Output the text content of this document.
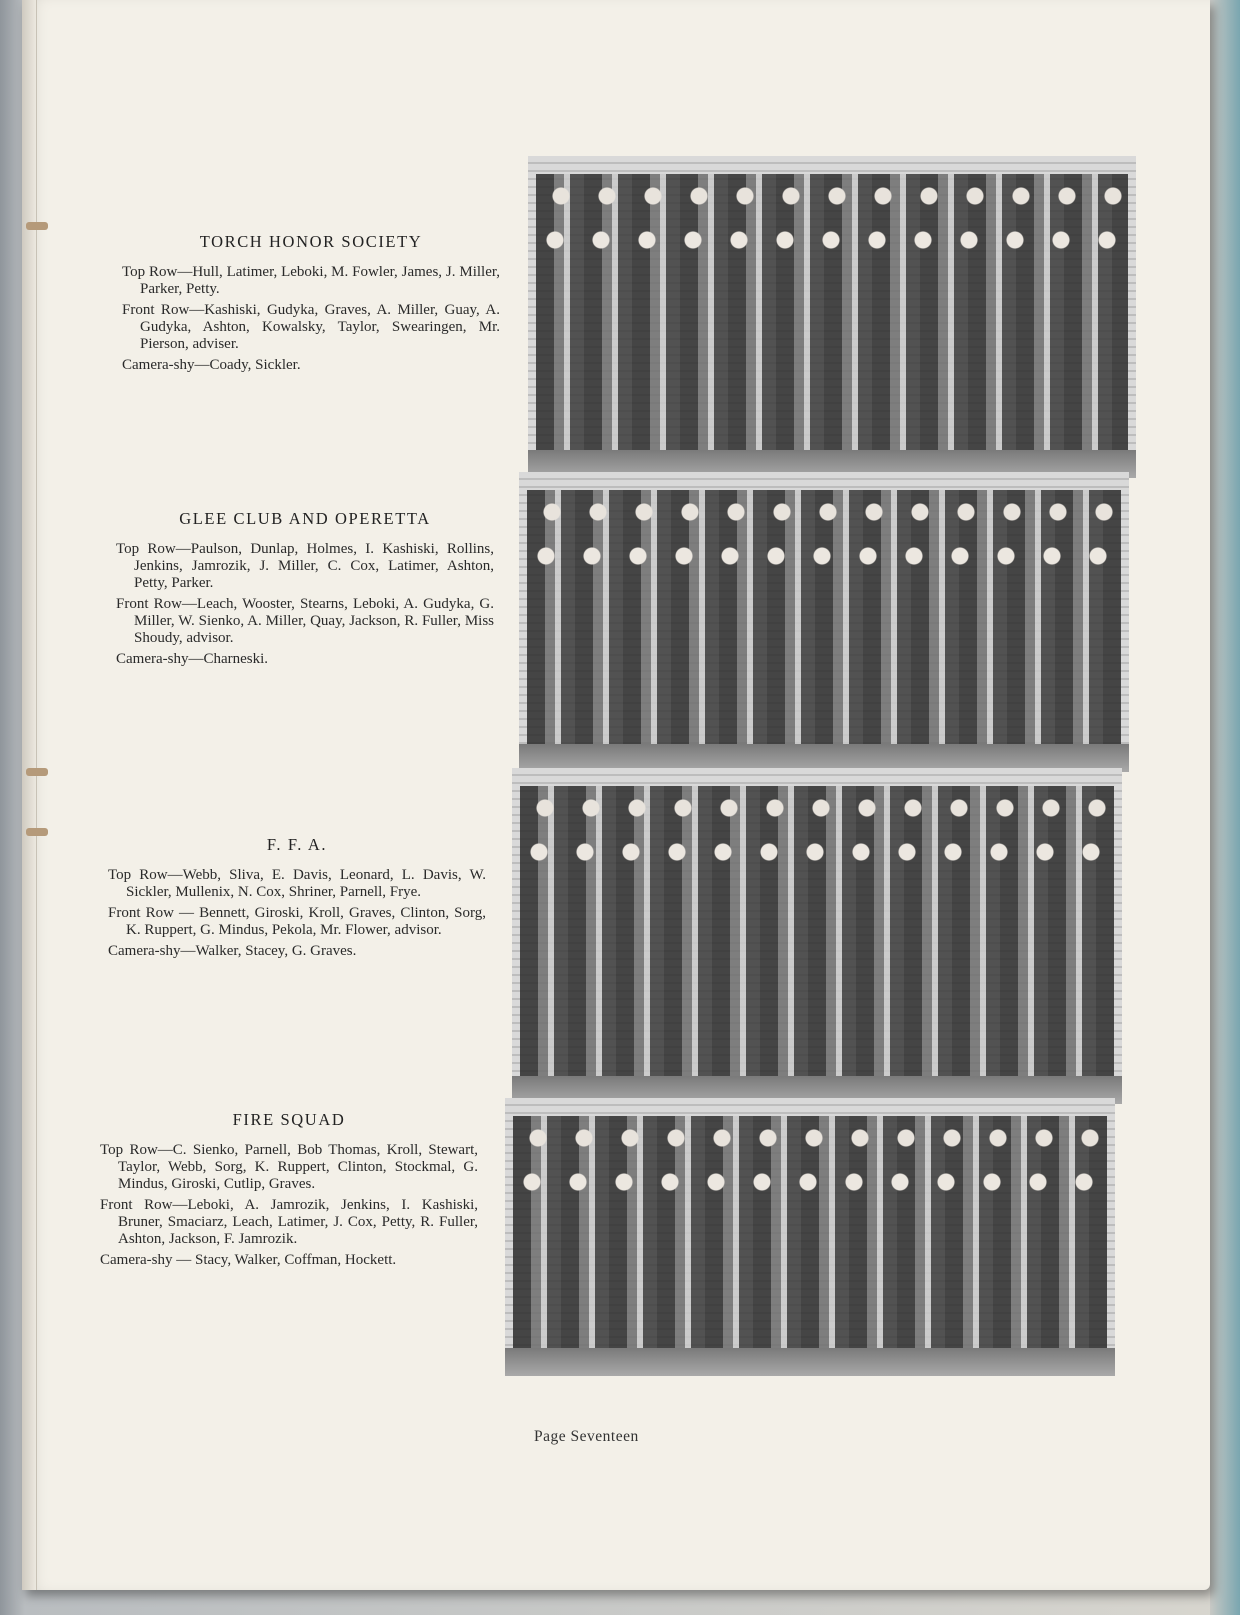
TORCH HONOR SOCIETY

Top Row—Hull, Latimer, Leboki, M. Fowler, James, J. Miller, Parker, Petty.

Front Row—Kashiski, Gudyka, Graves, A. Miller, Guay, A. Gudyka, Ashton, Kowalsky, Taylor, Swearingen, Mr. Pierson, adviser.

Camera-shy—Coady, Sickler.

GLEE CLUB AND OPERETTA

Top Row—Paulson, Dunlap, Holmes, I. Kashiski, Rollins, Jenkins, Jamrozik, J. Miller, C. Cox, Latimer, Ashton, Petty, Parker.

Front Row—Leach, Wooster, Stearns, Leboki, A. Gudyka, G. Miller, W. Sienko, A. Miller, Quay, Jackson, R. Fuller, Miss Shoudy, advisor.

Camera-shy—Charneski.

F. F. A.

Top Row—Webb, Sliva, E. Davis, Leonard, L. Davis, W. Sickler, Mullenix, N. Cox, Shriner, Parnell, Frye.

Front Row — Bennett, Giroski, Kroll, Graves, Clinton, Sorg, K. Ruppert, G. Mindus, Pekola, Mr. Flower, advisor.

Camera-shy—Walker, Stacey, G. Graves.

FIRE SQUAD

Top Row—C. Sienko, Parnell, Bob Thomas, Kroll, Stewart, Taylor, Webb, Sorg, K. Ruppert, Clinton, Stockmal, G. Mindus, Giroski, Cutlip, Graves.

Front Row—Leboki, A. Jamrozik, Jenkins, I. Kashiski, Bruner, Smaciarz, Leach, Latimer, J. Cox, Petty, R. Fuller, Ashton, Jackson, F. Jamrozik.

Camera-shy — Stacy, Walker, Coffman, Hockett.

Page Seventeen
